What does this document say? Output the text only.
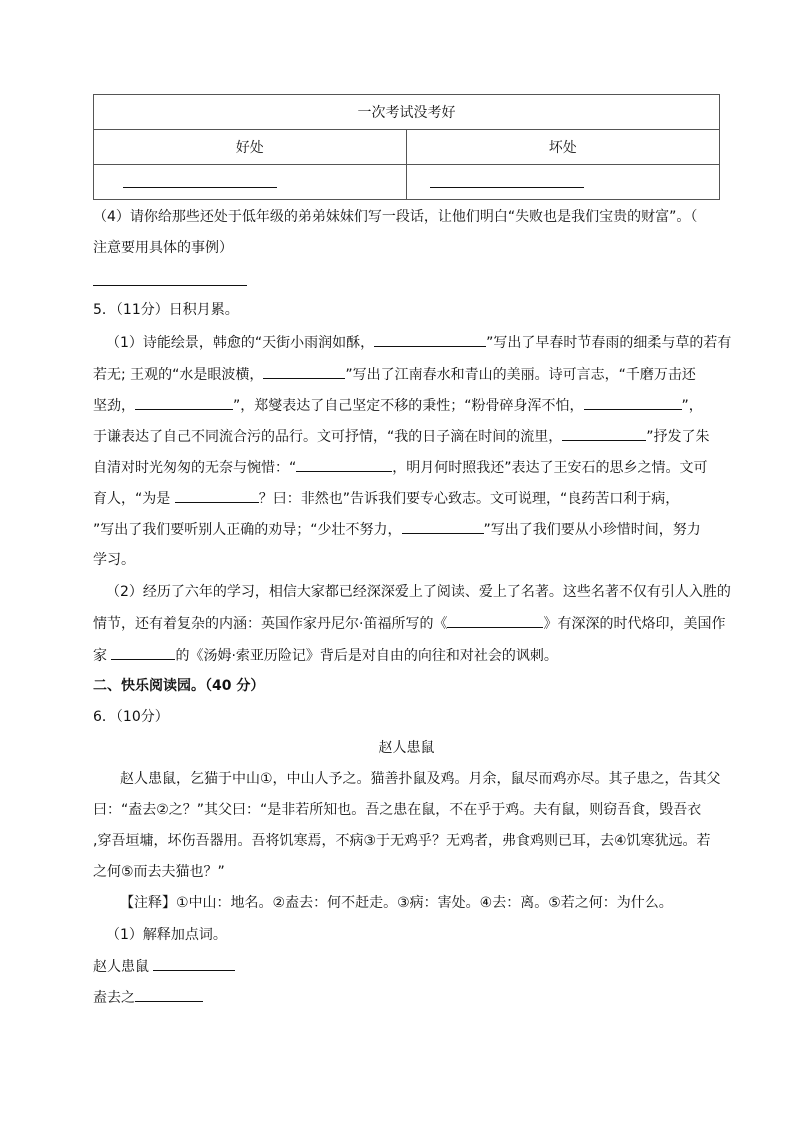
一次考试没考好
好处	坏处
（4）请你给那些还处于低年级的弟弟妹妹们写一段话，让他们明白“失败也是我们宝贵的财富”。（
注意要用具体的事例）
5．（11分）日积月累。
（1）诗能绘景，韩愈的“天街小雨润如酥，	”写出了早春时节春雨的细柔与草的若有
若无; 王观的“水是眼波横，	”写出了江南春水和青山的美丽。诗可言志，“千磨万击还
坚劲，	”，郑燮表达了自己坚定不移的秉性；“粉骨碎身浑不怕，	”，
于谦表达了自己不同流合污的品行。文可抒情，“我的日子滴在时间的流里，	”抒发了朱
自清对时光匆匆的无奈与惋惜：“	，明月何时照我还”表达了王安石的思乡之情。文可
育人，“为是	？曰：非然也”告诉我们要专心致志。文可说理，“良药苦口利于病，
”写出了我们要听别人正确的劝导；“少壮不努力，	”写出了我们要从小珍惜时间，努力
学习。
（2）经历了六年的学习，相信大家都已经深深爱上了阅读、爱上了名著。这些名著不仅有引人入胜的
情节，还有着复杂的内涵：英国作家丹尼尔·笛福所写的《	》有深深的时代烙印，美国作
家	的《汤姆·索亚历险记》背后是对自由的向往和对社会的讽刺。
二、快乐阅读园。（40 分）
6．（10分）
赵人患鼠
赵人患鼠，乞猫于中山①，中山人予之。猫善扑鼠及鸡。月余，鼠尽而鸡亦尽。其子患之，告其父
曰：“盍去②之？”其父曰：“是非若所知也。吾之患在鼠，不在乎于鸡。夫有鼠，则窃吾食，毁吾衣
,穿吾垣墉，坏伤吾器用。吾将饥寒焉，不病③于无鸡乎？无鸡者，弗食鸡则已耳，去④饥寒犹远。若
之何⑤而去夫猫也？”
【注释】①中山：地名。②盍去：何不赶走。③病：害处。④去：离。⑤若之何：为什么。
（1）解释加点词。
赵人患鼠
盍去之
